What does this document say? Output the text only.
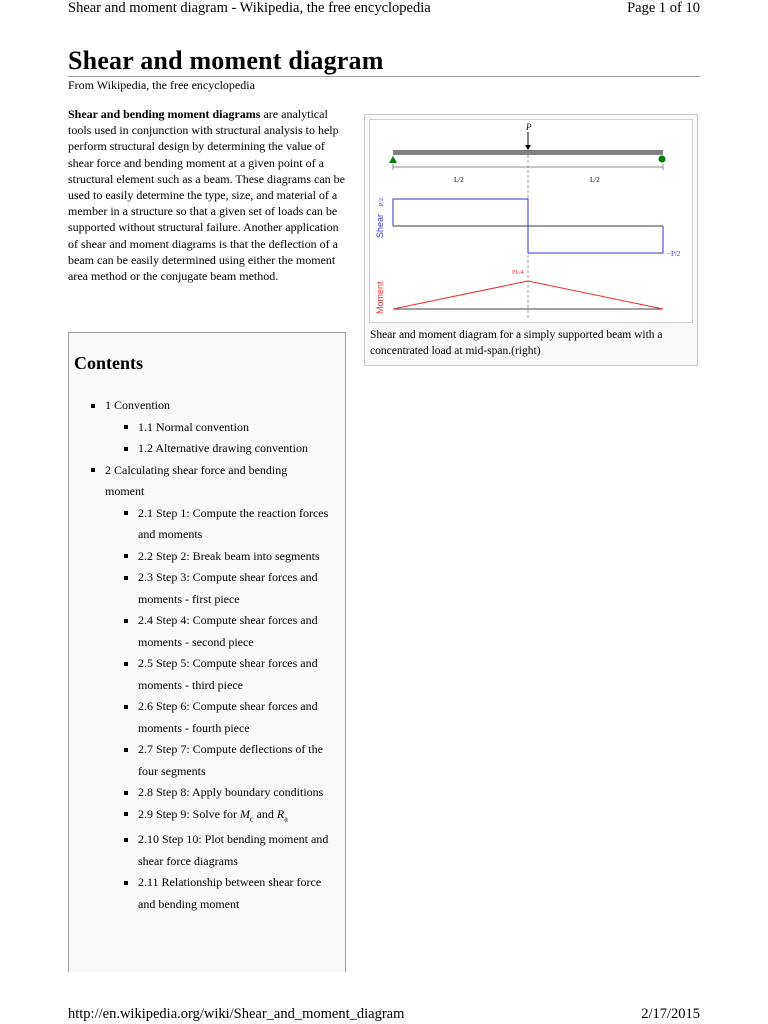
Shear and moment diagram - Wikipedia, the free encyclopedia	Page 1 of 10
Shear and moment diagram
From Wikipedia, the free encyclopedia
Shear and bending moment diagrams are analytical tools used in conjunction with structural analysis to help perform structural design by determining the value of shear force and bending moment at a given point of a structural element such as a beam. These diagrams can be used to easily determine the type, size, and material of a member in a structure so that a given set of loads can be supported without structural failure. Another application of shear and moment diagrams is that the deflection of a beam can be easily determined using either the moment area method or the conjugate beam method.
P
L/2	L/2
Shear
P/2
−P/2
Moment
PL/4
Shear and moment diagram for a simply supported beam with a concentrated load at mid-span.(right)
Contents
1 Convention
1.1 Normal convention
1.2 Alternative drawing convention
2 Calculating shear force and bending moment
2.1 Step 1: Compute the reaction forces and moments
2.2 Step 2: Break beam into segments
2.3 Step 3: Compute shear forces and moments - first piece
2.4 Step 4: Compute shear forces and moments - second piece
2.5 Step 5: Compute shear forces and moments - third piece
2.6 Step 6: Compute shear forces and moments - fourth piece
2.7 Step 7: Compute deflections of the four segments
2.8 Step 8: Apply boundary conditions
2.9 Step 9: Solve for $M_c$ and $R_a$
2.10 Step 10: Plot bending moment and shear force diagrams
2.11 Relationship between shear force and bending moment
http://en.wikipedia.org/wiki/Shear_and_moment_diagram	2/17/2015
